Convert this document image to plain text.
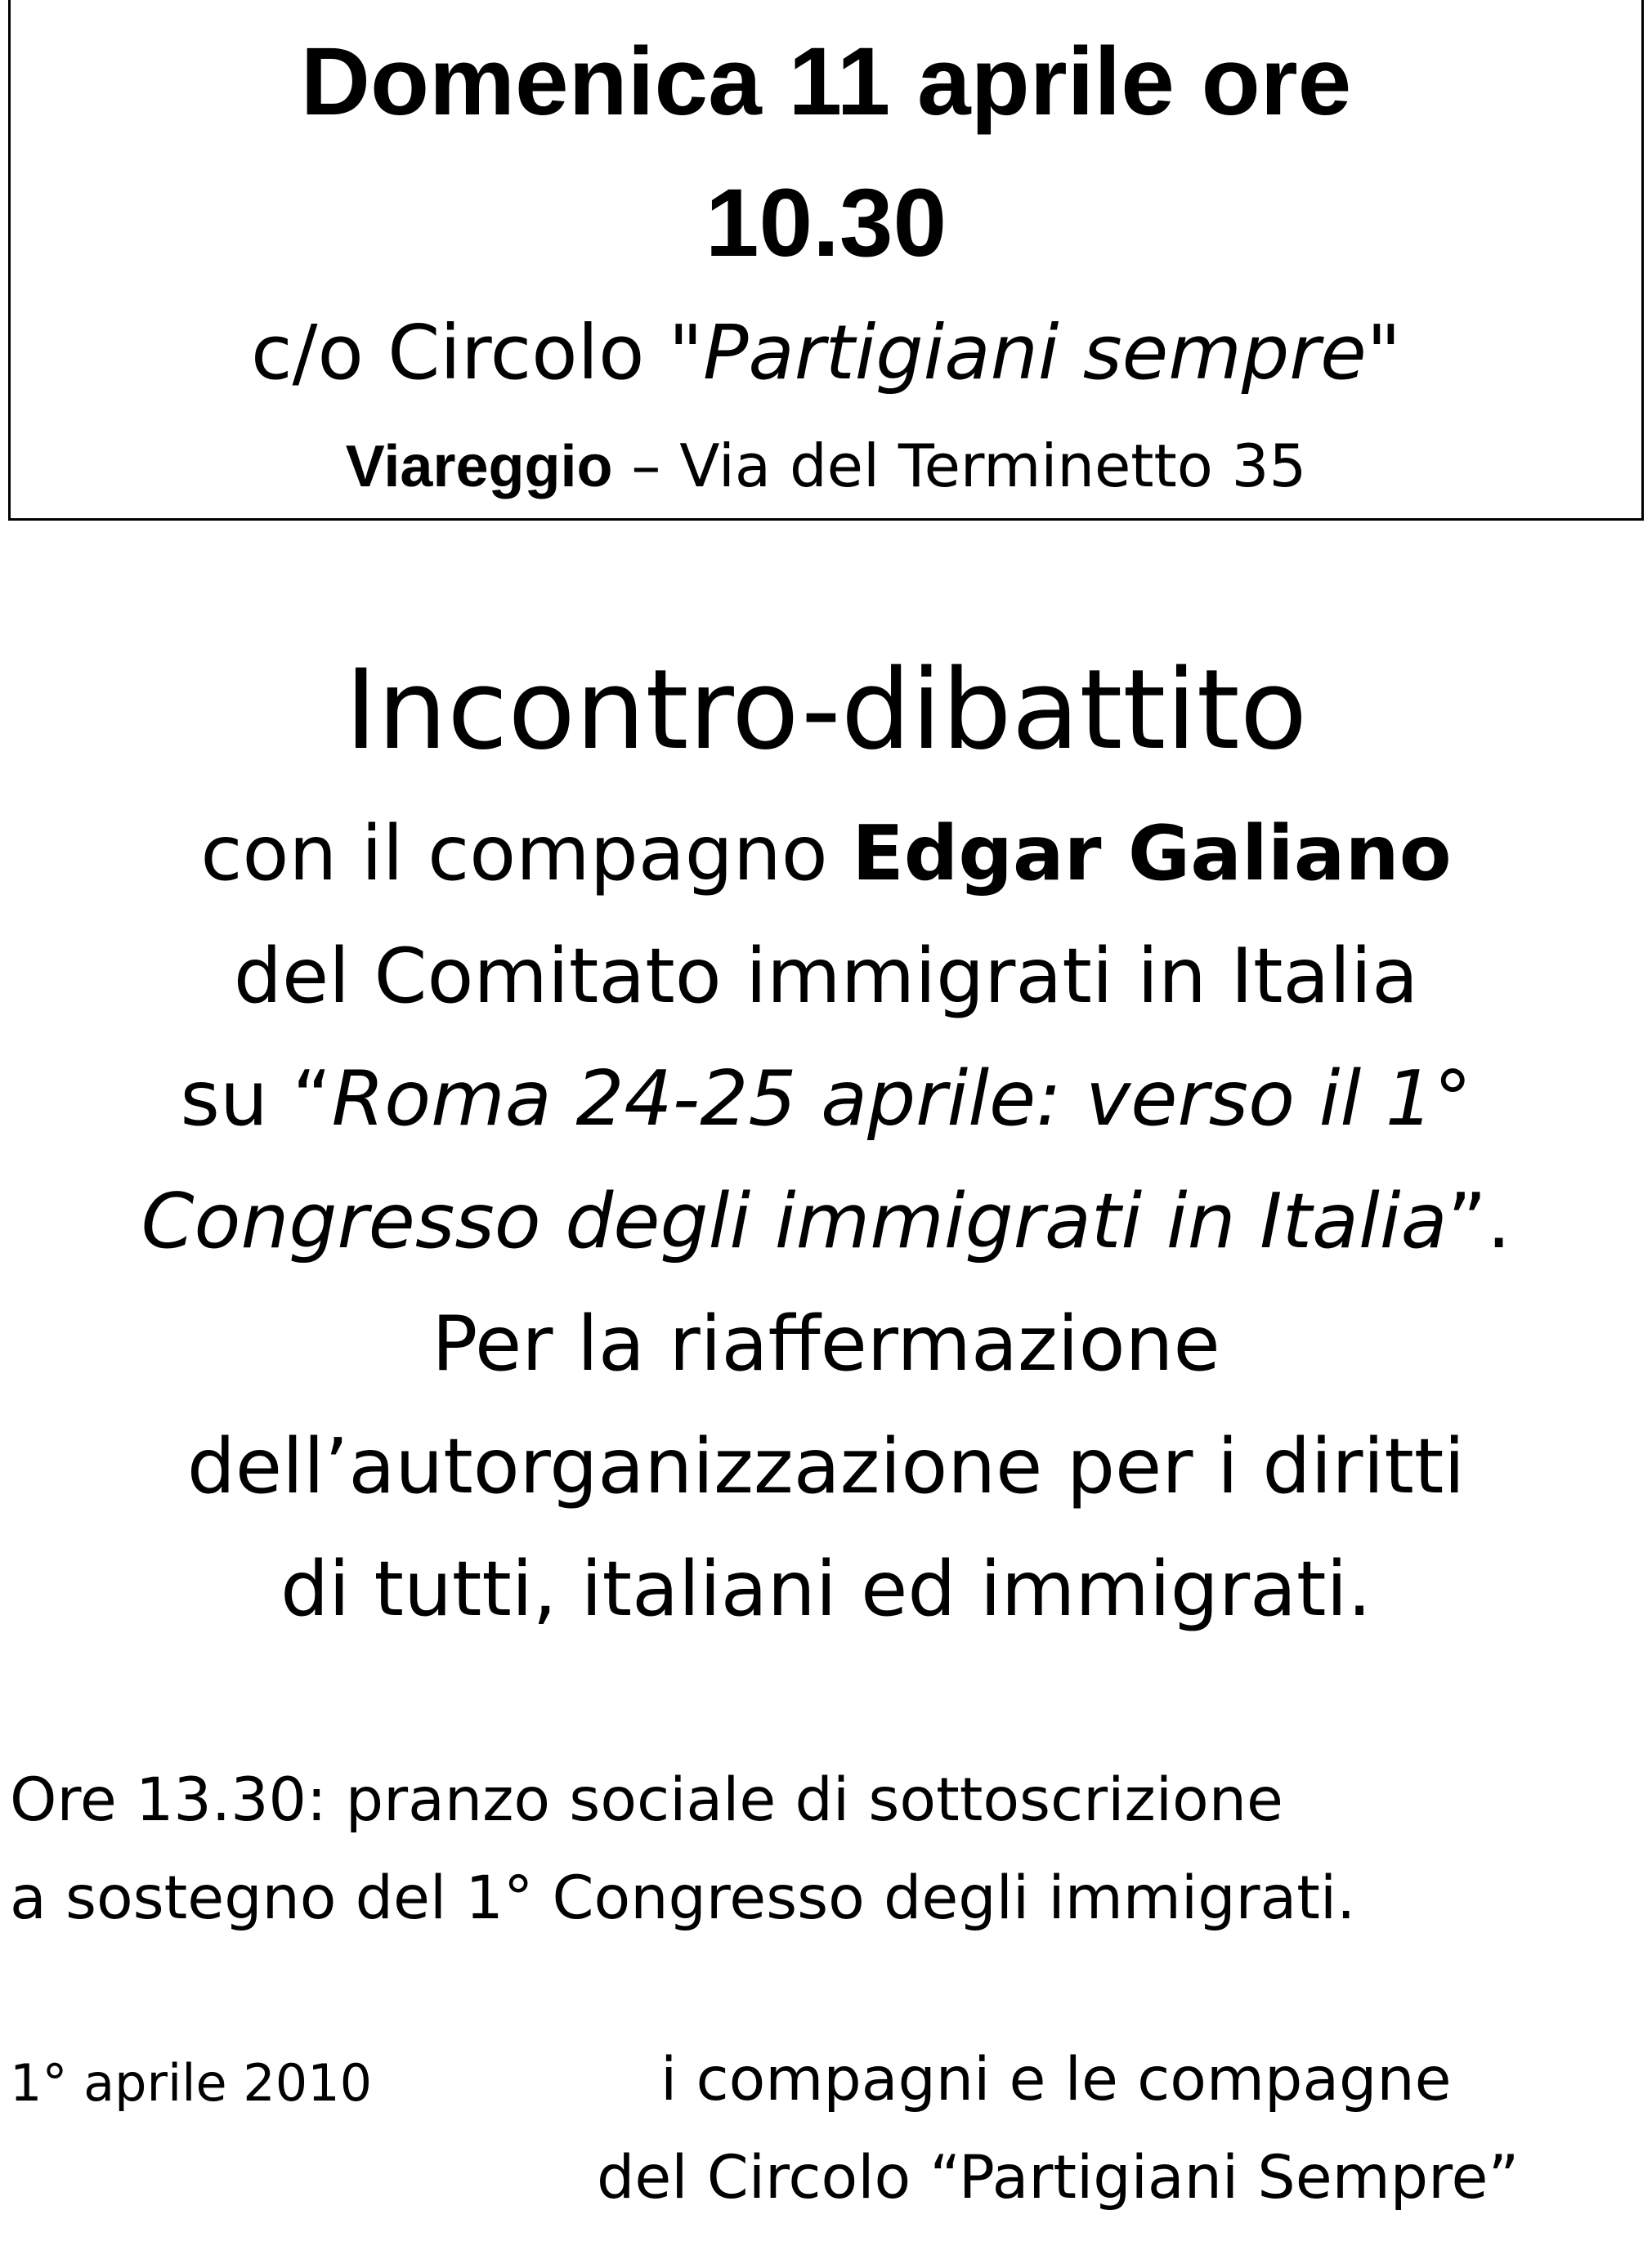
Domenica 11 aprile ore
10.30
c/o Circolo "Partigiani sempre"
Viareggio – Via del Terminetto 35
Incontro-dibattito
con il compagno Edgar Galiano
del Comitato immigrati in Italia
su “Roma 24-25 aprile: verso il 1°
Congresso degli immigrati in Italia”.
Per la riaffermazione
dell’autorganizzazione per i diritti
di tutti, italiani ed immigrati.
Ore 13.30: pranzo sociale di sottoscrizione
a sostegno del 1° Congresso degli immigrati.
1° aprile 2010	i compagni e le compagne
del Circolo “Partigiani Sempre”
